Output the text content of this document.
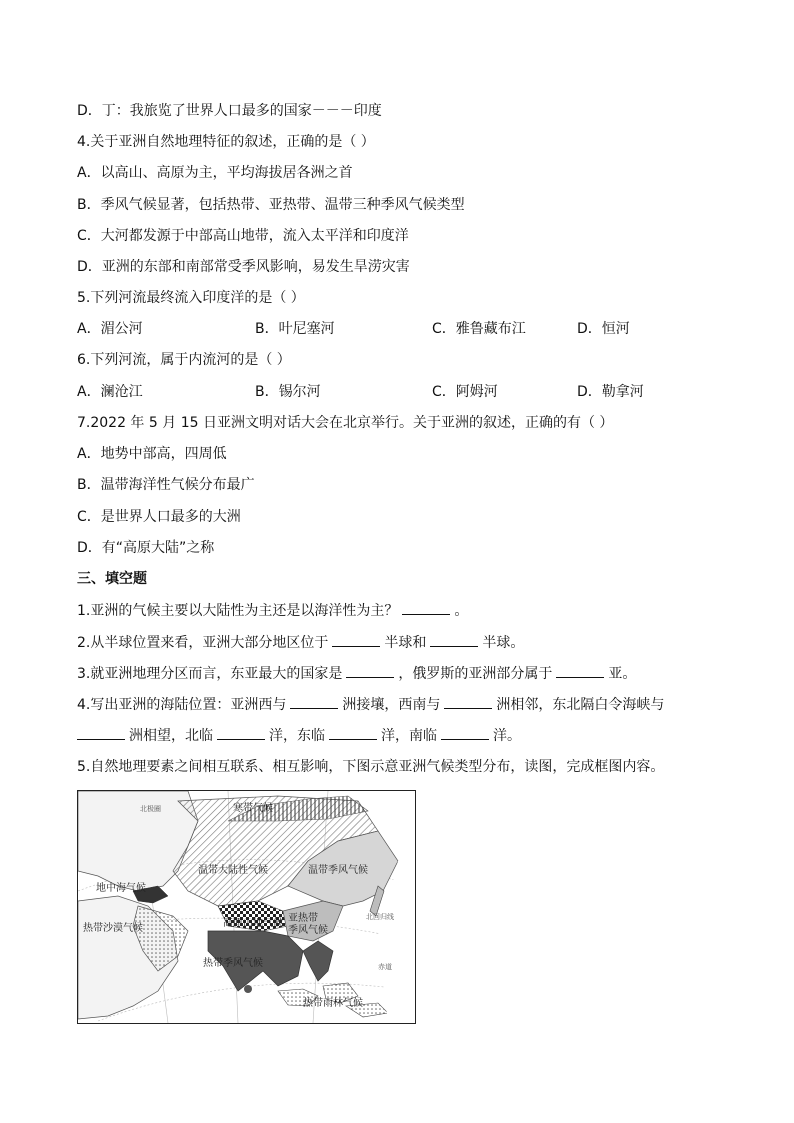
D．丁：我旅览了世界人口最多的国家－－－印度
4.关于亚洲自然地理特征的叙述，正确的是（ ）
A．以高山、高原为主，平均海拔居各洲之首
B．季风气候显著，包括热带、亚热带、温带三种季风气候类型
C．大河都发源于中部高山地带，流入太平洋和印度洋
D．亚洲的东部和南部常受季风影响，易发生旱涝灾害
5.下列河流最终流入印度洋的是（ ）
A．湄公河	B．叶尼塞河	C．雅鲁藏布江	D．恒河
6.下列河流，属于内流河的是（ ）
A．澜沧江	B．锡尔河	C．阿姆河	D．勒拿河
7.2022 年 5 月 15 日亚洲文明对话大会在北京举行。关于亚洲的叙述，正确的有（ ）
A．地势中部高，四周低
B．温带海洋性气候分布最广
C．是世界人口最多的大洲
D．有“高原大陆”之称
三、填空题
1.亚洲的气候主要以大陆性为主还是以海洋性为主？	。
2.从半球位置来看，亚洲大部分地区位于	半球和	半球。
3.就亚洲地理分区而言，东亚最大的国家是	，俄罗斯的亚洲部分属于	亚。
4.写出亚洲的海陆位置：亚洲西与	洲接壤，西南与	洲相邻，东北隔白令海峡与
洲相望，北临	洋，东临	洋，南临	洋。
5.自然地理要素之间相互联系、相互影响，下图示意亚洲气候类型分布，读图，完成框图内容。
寒带气候
温带大陆性气候	温带季风气候
地中海气候
热带沙漠气候	高原山地气候 亚热带
季风气候
热带季风气候
热带雨林气候
北极圈
北回归线
赤道
